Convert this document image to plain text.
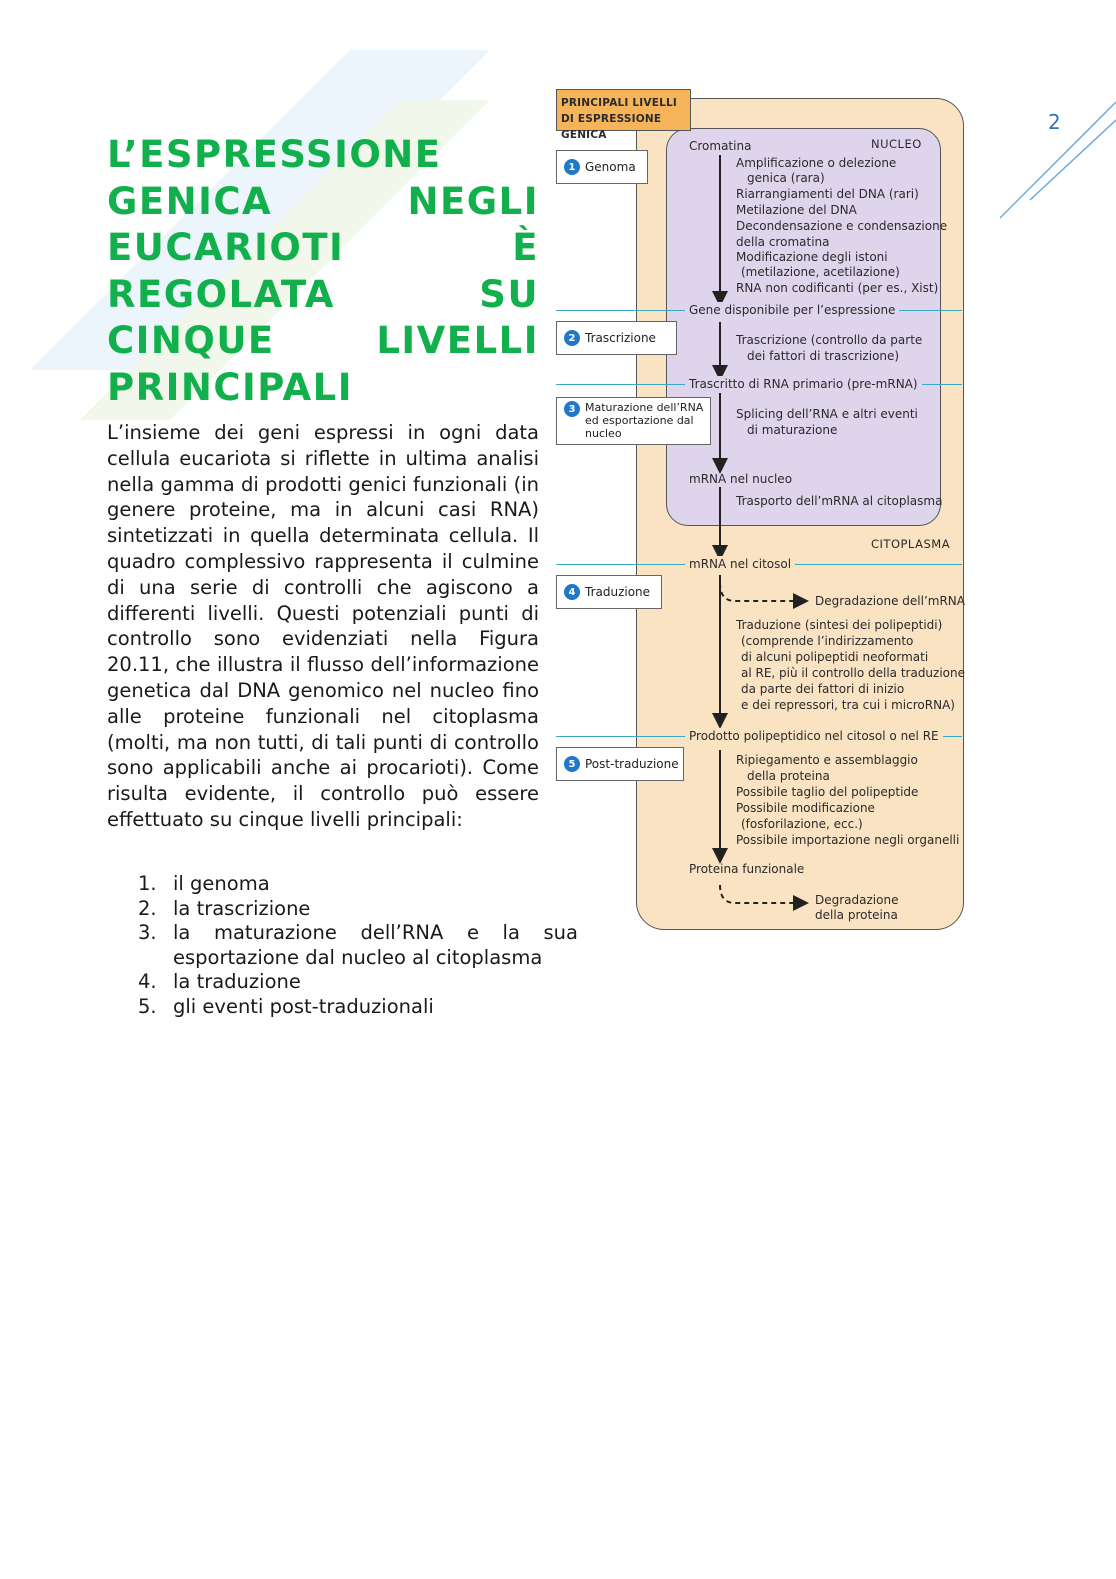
2
L’ESPRESSIONE
GENICA NEGLI
EUCARIOTI È
REGOLATA SU
CINQUE LIVELLI
PRINCIPALI

L’insieme dei geni espressi in ogni data cellula eucariota si riflette in ultima analisi nella gamma di prodotti genici funzionali (in genere proteine, ma in alcuni casi RNA) sintetizzati in quella determinata cellula. Il quadro complessivo rappresenta il culmine di una serie di controlli che agiscono a differenti livelli. Questi potenziali punti di controllo sono evidenziati nella Figura 20.11, che illustra il flusso dell’informazione genetica dal DNA genomico nel nucleo fino alle proteine funzionali nel citoplasma (molti, ma non tutti, di tali punti di controllo sono applicabili anche ai procarioti). Come risulta evidente, il controllo può essere effettuato su cinque livelli principali:

1. il genoma
2. la trascrizione
3. la maturazione dell’RNA e la sua esportazione dal nucleo al citoplasma
4. la traduzione
5. gli eventi post-traduzionali
PRINCIPALI LIVELLI DI ESPRESSIONE GENICA
1 Genoma
2 Trascrizione
3 Maturazione dell’RNA ed esportazione dal nucleo
4 Traduzione
5 Post-traduzione
NUCLEO
CITOPLASMA
Cromatina
Gene disponibile per l’espressione
Trascritto di RNA primario (pre-mRNA)
mRNA nel nucleo
mRNA nel citosol
Prodotto polipeptidico nel citosol o nel RE
Proteina funzionale
Amplificazione o delezione
genica (rara)
Riarrangiamenti del DNA (rari)
Metilazione del DNA
Decondensazione e condensazione
della cromatina
Modificazione degli istoni
(metilazione, acetilazione)
RNA non codificanti (per es., Xist)
Trascrizione (controllo da parte
dei fattori di trascrizione)
Splicing dell’RNA e altri eventi
di maturazione
Trasporto dell’mRNA al citoplasma
Degradazione dell’mRNA
Traduzione (sintesi dei polipeptidi)
(comprende l’indirizzamento
di alcuni polipeptidi neoformati
al RE, più il controllo della traduzione
da parte dei fattori di inizio
e dei repressori, tra cui i microRNA)
Ripiegamento e assemblaggio
della proteina
Possibile taglio del polipeptide
Possibile modificazione
(fosforilazione, ecc.)
Possibile importazione negli organelli
Degradazione
della proteina
